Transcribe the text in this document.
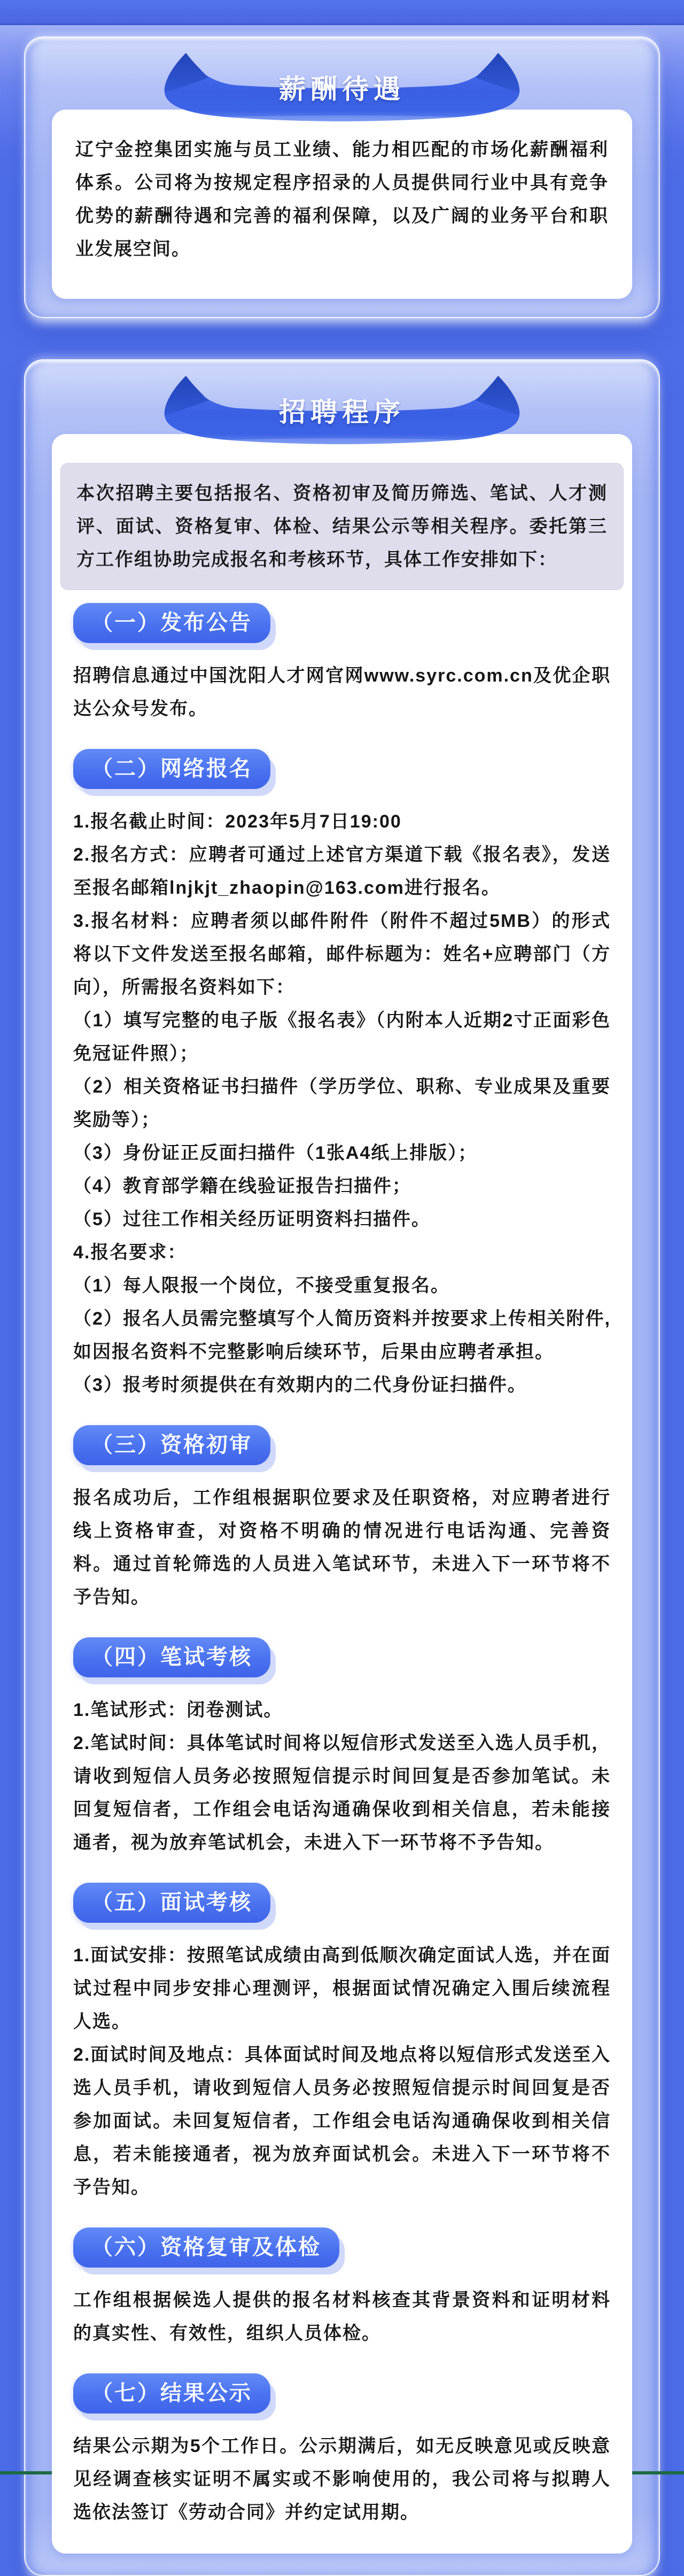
薪酬待遇

辽宁金控集团实施与员工业绩、能力相匹配的市场化薪酬福利体系。公司将为按规定程序招录的人员提供同行业中具有竞争优势的薪酬待遇和完善的福利保障，以及广阔的业务平台和职业发展空间。

招聘程序

本次招聘主要包括报名、资格初审及简历筛选、笔试、人才测评、面试、资格复审、体检、结果公示等相关程序。委托第三方工作组协助完成报名和考核环节，具体工作安排如下：

（一）发布公告

招聘信息通过中国沈阳人才网官网www.syrc.com.cn及优企职达公众号发布。

（二）网络报名

1.报名截止时间：2023年5月7日19:00

2.报名方式：应聘者可通过上述官方渠道下载《报名表》，发送至报名邮箱lnjkjt_zhaopin@163.com进行报名。

3.报名材料：应聘者须以邮件附件（附件不超过5MB）的形式将以下文件发送至报名邮箱，邮件标题为：姓名+应聘部门（方向），所需报名资料如下：

（1）填写完整的电子版《报名表》（内附本人近期2寸正面彩色免冠证件照）；

（2）相关资格证书扫描件（学历学位、职称、专业成果及重要奖励等）；

（3）身份证正反面扫描件（1张A4纸上排版）；

（4）教育部学籍在线验证报告扫描件；

（5）过往工作相关经历证明资料扫描件。

4.报名要求：

（1）每人限报一个岗位，不接受重复报名。

（2）报名人员需完整填写个人简历资料并按要求上传相关附件,如因报名资料不完整影响后续环节，后果由应聘者承担。

（3）报考时须提供在有效期内的二代身份证扫描件。

（三）资格初审

报名成功后，工作组根据职位要求及任职资格，对应聘者进行线上资格审查，对资格不明确的情况进行电话沟通、完善资料。通过首轮筛选的人员进入笔试环节，未进入下一环节将不予告知。

（四）笔试考核

1.笔试形式：闭卷测试。

2.笔试时间：具体笔试时间将以短信形式发送至入选人员手机，请收到短信人员务必按照短信提示时间回复是否参加笔试。未回复短信者，工作组会电话沟通确保收到相关信息，若未能接通者，视为放弃笔试机会，未进入下一环节将不予告知。

（五）面试考核

1.面试安排：按照笔试成绩由高到低顺次确定面试人选，并在面试过程中同步安排心理测评，根据面试情况确定入围后续流程人选。

2.面试时间及地点：具体面试时间及地点将以短信形式发送至入选人员手机，请收到短信人员务必按照短信提示时间回复是否参加面试。未回复短信者，工作组会电话沟通确保收到相关信息，若未能接通者，视为放弃面试机会。未进入下一环节将不予告知。

（六）资格复审及体检

工作组根据候选人提供的报名材料核查其背景资料和证明材料的真实性、有效性，组织人员体检。

（七）结果公示

结果公示期为5个工作日。公示期满后，如无反映意见或反映意见经调查核实证明不属实或不影响使用的，我公司将与拟聘人选依法签订《劳动合同》并约定试用期。
